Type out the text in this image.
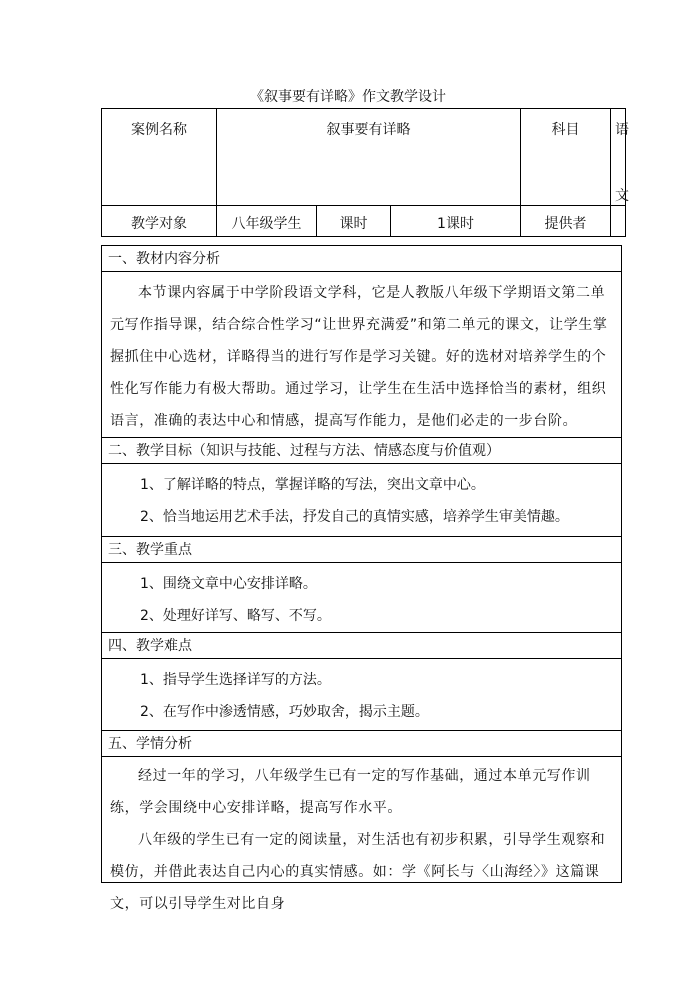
《叙事要有详略》作文教学设计
案例名称	叙事要有详略	科目	语
文
教学对象	八年级学生	课时	1课时	提供者
一、教材内容分析

本节课内容属于中学阶段语文学科，它是人教版八年级下学期语文第二单元写作指导课，结合综合性学习“让世界充满爱”和第二单元的课文，让学生掌握抓住中心选材，详略得当的进行写作是学习关键。好的选材对培养学生的个性化写作能力有极大帮助。通过学习，让学生在生活中选择恰当的素材，组织语言，准确的表达中心和情感，提高写作能力，是他们必走的一步台阶。

二、教学目标（知识与技能、过程与方法、情感态度与价值观）

1、了解详略的特点，掌握详略的写法，突出文章中心。

2、恰当地运用艺术手法，抒发自己的真情实感，培养学生审美情趣。

三、教学重点

1、围绕文章中心安排详略。

2、处理好详写、略写、不写。

四、教学难点

1、指导学生选择详写的方法。

2、在写作中渗透情感，巧妙取舍，揭示主题。

五、学情分析

经过一年的学习，八年级学生已有一定的写作基础，通过本单元写作训练，学会围绕中心安排详略，提高写作水平。

八年级的学生已有一定的阅读量，对生活也有初步积累，引导学生观察和模仿，并借此表达自己内心的真实情感。如：学《阿长与〈山海经〉》这篇课文，可以引导学生对比自身
